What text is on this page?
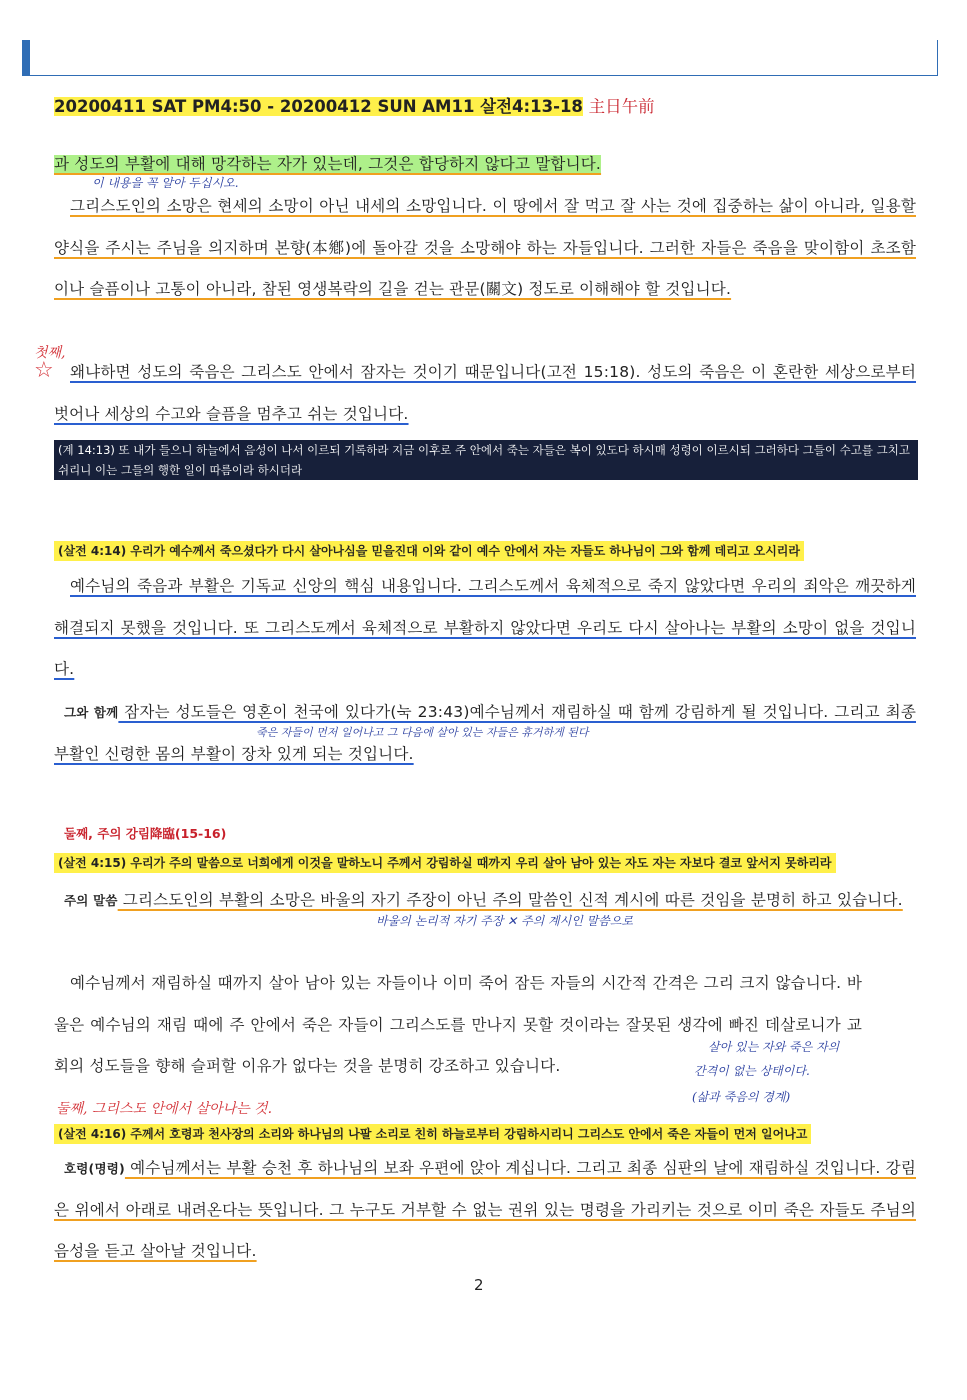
20200411 SAT PM4:50 - 20200412 SUN AM11 살전4:13-18 主日午前
과 성도의 부활에 대해 망각하는 자가 있는데, 그것은 합당하지 않다고 말합니다.
이 내용을 꼭 알아 두십시오.
그리스도인의 소망은 현세의 소망이 아닌 내세의 소망입니다. 이 땅에서 잘 먹고 잘 사는 것에 집중하는 삶이 아니라, 일용할 양식을 주시는 주님을 의지하며 본향(本鄕)에 돌아갈 것을 소망해야 하는 자들입니다. 그러한 자들은 죽음을 맞이함이 초조함이나 슬픔이나 고통이 아니라, 참된 영생복락의 길을 걷는 관문(關文) 정도로 이해해야 할 것입니다.
첫째,
☆	왜냐하면 성도의 죽음은 그리스도 안에서 잠자는 것이기 때문입니다(고전 15:18). 성도의 죽음은 이 혼란한 세상으로부터 벗어나 세상의 수고와 슬픔을 멈추고 쉬는 것입니다.
(계 14:13) 또 내가 들으니 하늘에서 음성이 나서 이르되 기록하라 지금 이후로 주 안에서 죽는 자들은 복이 있도다 하시매 성령이 이르시되 그러하다 그들이 수고를 그치고 쉬리니 이는 그들의 행한 일이 따름이라 하시더라
(살전 4:14) 우리가 예수께서 죽으셨다가 다시 살아나심을 믿을진대 이와 같이 예수 안에서 자는 자들도 하나님이 그와 함께 데리고 오시리라
예수님의 죽음과 부활은 기독교 신앙의 핵심 내용입니다. 그리스도께서 육체적으로 죽지 않았다면 우리의 죄악은 깨끗하게 해결되지 못했을 것입니다. 또 그리스도께서 육체적으로 부활하지 않았다면 우리도 다시 살아나는 부활의 소망이 없을 것입니다.
그와 함께 잠자는 성도들은 영혼이 천국에 있다가(눅 23:43)예수님께서 재림하실 때 함께 강림하게 될 것입니다. 그리고 최종 부활인 신령한 몸의 부활이 장차 있게 되는 것입니다.
죽은 자들이 먼저 일어나고 그 다음에 살아 있는 자들은 휴거하게 된다
둘째, 주의 강림降臨(15-16)
(살전 4:15) 우리가 주의 말씀으로 너희에게 이것을 말하노니 주께서 강림하실 때까지 우리 살아 남아 있는 자도 자는 자보다 결코 앞서지 못하리라
주의 말씀 그리스도인의 부활의 소망은 바울의 자기 주장이 아닌 주의 말씀인 신적 계시에 따른 것임을 분명히 하고 있습니다.
바울의 논리적 자기 주장 ✕ 주의 계시인 말씀으로
예수님께서 재림하실 때까지 살아 남아 있는 자들이나 이미 죽어 잠든 자들의 시간적 간격은 그리 크지 않습니다. 바울은 예수님의 재림 때에 주 안에서 죽은 자들이 그리스도를 만나지 못할 것이라는 잘못된 생각에 빠진 데살로니가 교회의 성도들을 향해 슬퍼할 이유가 없다는 것을 분명히 강조하고 있습니다.
살아 있는 자와 죽은 자의
간격이 없는 상태이다.
(삶과 죽음의 경계)
둘째, 그리스도 안에서 살아나는 것.
(살전 4:16) 주께서 호령과 천사장의 소리와 하나님의 나팔 소리로 친히 하늘로부터 강림하시리니 그리스도 안에서 죽은 자들이 먼저 일어나고
호령(명령) 예수님께서는 부활 승천 후 하나님의 보좌 우편에 앉아 계십니다. 그리고 최종 심판의 날에 재림하실 것입니다. 강림은 위에서 아래로 내려온다는 뜻입니다. 그 누구도 거부할 수 없는 권위 있는 명령을 가리키는 것으로 이미 죽은 자들도 주님의 음성을 듣고 살아날 것입니다.
2
